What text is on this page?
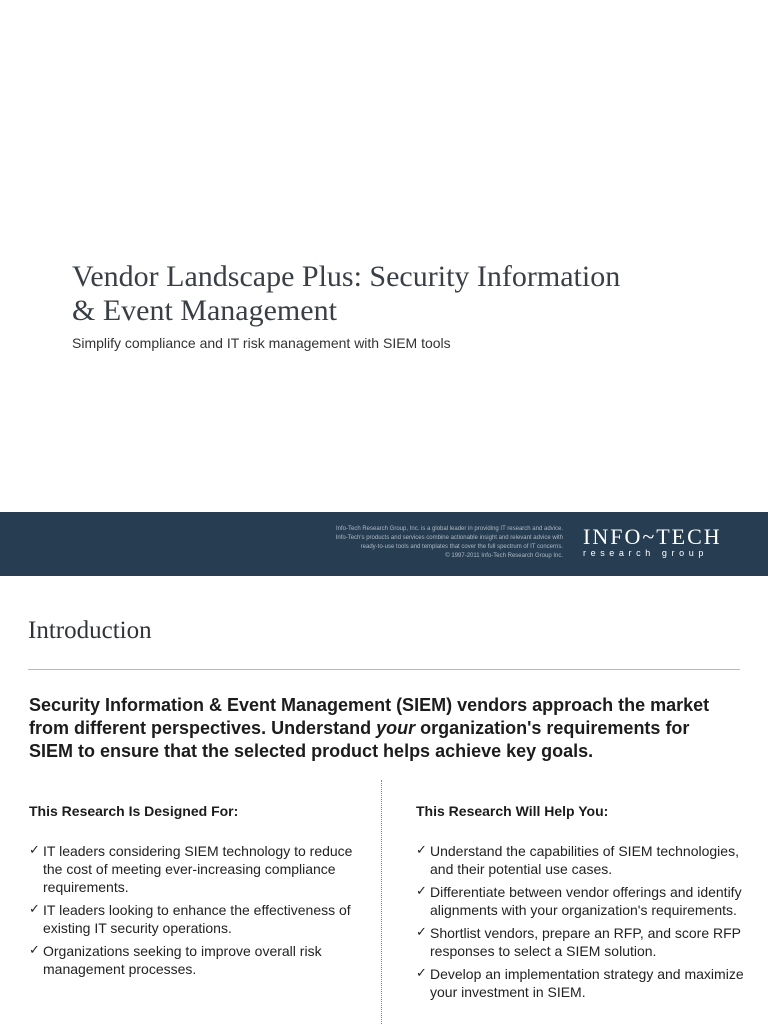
Vendor Landscape Plus: Security Information
& Event Management

Simplify compliance and IT risk management with SIEM tools

Info-Tech Research Group, Inc. is a global leader in providing IT research and advice.
Info-Tech's products and services combine actionable insight and relevant advice with
ready-to-use tools and templates that cover the full spectrum of IT concerns.
© 1997-2011 Info-Tech Research Group Inc.
INFO~TECH
research group
Introduction

Security Information & Event Management (SIEM) vendors approach the market from different perspectives. Understand your organization's requirements for SIEM to ensure that the selected product helps achieve key goals.

This Research Is Designed For:
✓ IT leaders considering SIEM technology to reduce the cost of meeting ever-increasing compliance requirements.
✓ IT leaders looking to enhance the effectiveness of existing IT security operations.
✓ Organizations seeking to improve overall risk management processes.
This Research Will Help You:
✓ Understand the capabilities of SIEM technologies, and their potential use cases.
✓ Differentiate between vendor offerings and identify alignments with your organization's requirements.
✓ Shortlist vendors, prepare an RFP, and score RFP responses to select a SIEM solution.
✓ Develop an implementation strategy and maximize your investment in SIEM.
